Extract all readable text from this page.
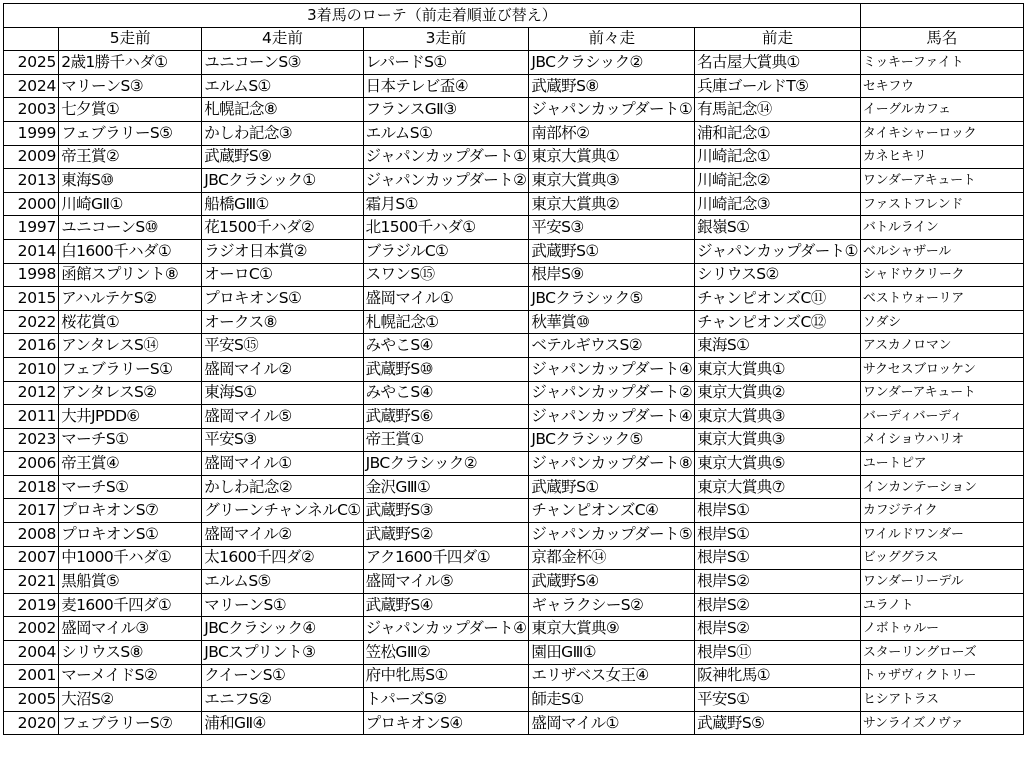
3着馬のローテ（前走着順並び替え）						
	5走前	4走前	3走前	前々走	前走	馬名
2025	2歳1勝千ハダ①	ユニコーンS③	レパードS①	JBCクラシック②	名古屋大賞典①	ミッキーファイト
2024	マリーンS③	エルムS①	日本テレビ盃④	武蔵野S⑧	兵庫ゴールドT⑤	セキフウ
2003	七夕賞①	札幌記念⑧	フランスGⅡ③	ジャパンカップダート①	有馬記念⑭	イーグルカフェ
1999	フェブラリーS⑤	かしわ記念③	エルムS①	南部杯②	浦和記念①	タイキシャーロック
2009	帝王賞②	武蔵野S⑨	ジャパンカップダート①	東京大賞典①	川崎記念①	カネヒキリ
2013	東海S⑩	JBCクラシック①	ジャパンカップダート②	東京大賞典③	川崎記念②	ワンダーアキュート
2000	川崎GⅡ①	船橋GⅢ①	霜月S①	東京大賞典②	川崎記念③	ファストフレンド
1997	ユニコーンS⑩	花1500千ハダ②	北1500千ハダ①	平安S③	銀嶺S①	バトルライン
2014	白1600千ハダ①	ラジオ日本賞②	ブラジルC①	武蔵野S①	ジャパンカップダート①	ベルシャザール
1998	函館スプリント⑧	オーロC①	スワンS⑮	根岸S⑨	シリウスS②	シャドウクリーク
2015	アハルテケS②	プロキオンS①	盛岡マイル①	JBCクラシック⑤	チャンピオンズC⑪	ベストウォーリア
2022	桜花賞①	オークス⑧	札幌記念①	秋華賞⑩	チャンピオンズC⑫	ソダシ
2016	アンタレスS⑭	平安S⑮	みやこS④	ベテルギウスS②	東海S①	アスカノロマン
2010	フェブラリーS①	盛岡マイル②	武蔵野S⑩	ジャパンカップダート④	東京大賞典①	サクセスブロッケン
2012	アンタレスS②	東海S①	みやこS④	ジャパンカップダート②	東京大賞典②	ワンダーアキュート
2011	大井JPDD⑥	盛岡マイル⑤	武蔵野S⑥	ジャパンカップダート④	東京大賞典③	バーディバーディ
2023	マーチS①	平安S③	帝王賞①	JBCクラシック⑤	東京大賞典③	メイショウハリオ
2006	帝王賞④	盛岡マイル①	JBCクラシック②	ジャパンカップダート⑧	東京大賞典⑤	ユートピア
2018	マーチS①	かしわ記念②	金沢GⅢ①	武蔵野S①	東京大賞典⑦	インカンテーション
2017	プロキオンS⑦	グリーンチャンネルC①	武蔵野S③	チャンピオンズC④	根岸S①	カフジテイク
2008	プロキオンS①	盛岡マイル②	武蔵野S②	ジャパンカップダート⑤	根岸S①	ワイルドワンダー
2007	中1000千ハダ①	太1600千四ダ②	アク1600千四ダ①	京都金杯⑭	根岸S①	ビッググラス
2021	黒船賞⑤	エルムS⑤	盛岡マイル⑤	武蔵野S④	根岸S②	ワンダーリーデル
2019	麦1600千四ダ①	マリーンS①	武蔵野S④	ギャラクシーS②	根岸S②	ユラノト
2002	盛岡マイル③	JBCクラシック④	ジャパンカップダート④	東京大賞典⑨	根岸S②	ノボトゥルー
2004	シリウスS⑧	JBCスプリント③	笠松GⅢ②	園田GⅢ①	根岸S⑪	スターリングローズ
2001	マーメイドS②	クイーンS①	府中牝馬S①	エリザベス女王④	阪神牝馬①	トゥザヴィクトリー
2005	大沼S②	エニフS②	トパーズS②	師走S①	平安S①	ヒシアトラス
2020	フェブラリーS⑦	浦和GⅡ④	プロキオンS④	盛岡マイル①	武蔵野S⑤	サンライズノヴァ
